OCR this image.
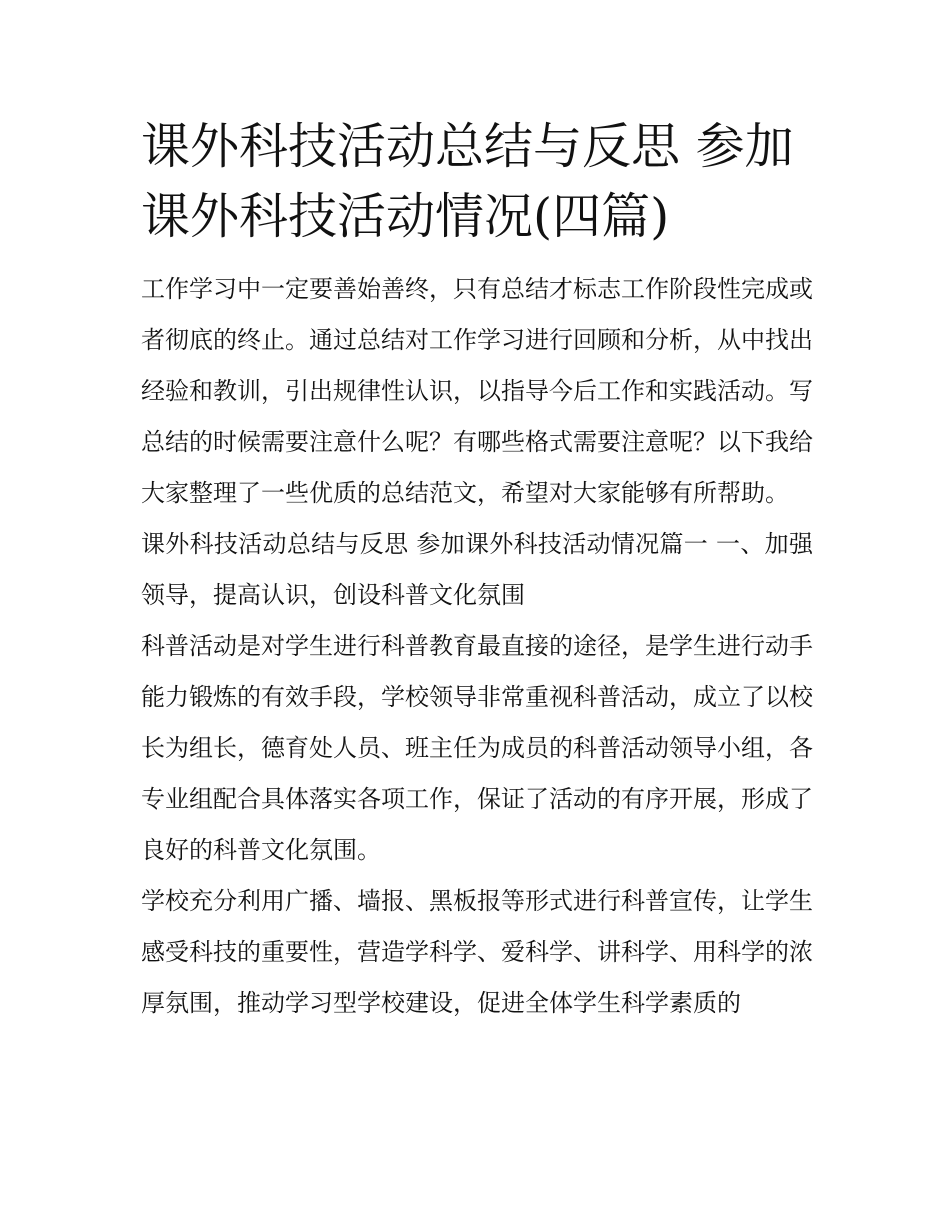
课外科技活动总结与反思 参加课外科技活动情况(四篇)

工作学习中一定要善始善终，只有总结才标志工作阶段性完成或者彻底的终止。通过总结对工作学习进行回顾和分析，从中找出经验和教训，引出规律性认识，以指导今后工作和实践活动。写总结的时候需要注意什么呢？有哪些格式需要注意呢？以下我给大家整理了一些优质的总结范文，希望对大家能够有所帮助。

课外科技活动总结与反思 参加课外科技活动情况篇一 一、加强领导，提高认识，创设科普文化氛围

科普活动是对学生进行科普教育最直接的途径，是学生进行动手能力锻炼的有效手段，学校领导非常重视科普活动，成立了以校长为组长，德育处人员、班主任为成员的科普活动领导小组，各专业组配合具体落实各项工作，保证了活动的有序开展，形成了良好的科普文化氛围。

学校充分利用广播、墙报、黑板报等形式进行科普宣传，让学生感受科技的重要性，营造学科学、爱科学、讲科学、用科学的浓厚氛围，推动学习型学校建设，促进全体学生科学素质的
